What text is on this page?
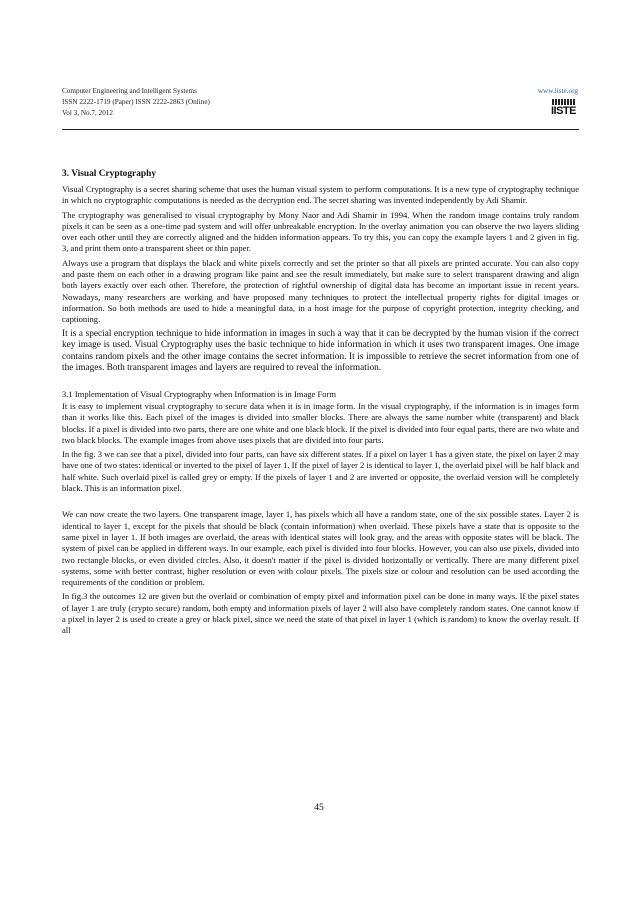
Computer Engineering and Intelligent Systems
ISSN 2222-1719 (Paper) ISSN 2222-2863 (Online)
Vol 3, No.7, 2012
www.iiste.org
IISTE
3. Visual Cryptography

Visual Cryptography is a secret sharing scheme that uses the human visual system to perform computations. It is a new type of cryptography technique in which no cryptographic computations is needed as the decryption end. The secret sharing was invented independently by Adi Shamir.

The cryptography was generalised to visual cryptography by Mony Naor and Adi Shamir in 1994. When the random image contains truly random pixels it can be seen as a one-time pad system and will offer unbreakable encryption. In the overlay animation you can observe the two layers sliding over each other until they are correctly aligned and the hidden information appears. To try this, you can copy the example layers 1 and 2 given in fig. 3, and print them onto a transparent sheet or thin paper.

Always use a program that displays the black and white pixels correctly and set the printer so that all pixels are printed accurate. You can also copy and paste them on each other in a drawing program like paint and see the result immediately, but make sure to select transparent drawing and align both layers exactly over each other. Therefore, the protection of rightful ownership of digital data has become an important issue in recent years. Nowadays, many researchers are working and have proposed many techniques to protect the intellectual property rights for digital images or information. So both methods are used to hide a meaningful data, in a host image for the purpose of copyright protection, integrity checking, and captioning.

It is a special encryption technique to hide information in images in such a way that it can be decrypted by the human vision if the correct key image is used. Visual Cryptography uses the basic technique to hide information in which it uses two transparent images. One image contains random pixels and the other image contains the secret information. It is impossible to retrieve the secret information from one of the images. Both transparent images and layers are required to reveal the information.

3.1 Implementation of Visual Cryptography when Information is in Image Form

It is easy to implement visual cryptography to secure data when it is in image form. In the visual cryptography, if the information is in images form than it works like this. Each pixel of the images is divided into smaller blocks. There are always the same number white (transparent) and black blocks. If a pixel is divided into two parts, there are one white and one black block. If the pixel is divided into four equal parts, there are two white and two black blocks. The example images from above uses pixels that are divided into four parts.

In the fig. 3 we can see that a pixel, divided into four parts, can have six different states. If a pixel on layer 1 has a given state, the pixel on layer 2 may have one of two states: identical or inverted to the pixel of layer 1. If the pixel of layer 2 is identical to layer 1, the overlaid pixel will be half black and half white. Such overlaid pixel is called grey or empty. If the pixels of layer 1 and 2 are inverted or opposite, the overlaid version will be completely black. This is an information pixel.

We can now create the two layers. One transparent image, layer 1, has pixels which all have a random state, one of the six possible states. Layer 2 is identical to layer 1, except for the pixels that should be black (contain information) when overlaid. These pixels have a state that is opposite to the same pixel in layer 1. If both images are overlaid, the areas with identical states will look gray, and the areas with opposite states will be black. The system of pixel can be applied in different ways. In our example, each pixel is divided into four blocks. However, you can also use pixels, divided into two rectangle blocks, or even divided circles. Also, it doesn't matter if the pixel is divided horizontally or vertically. There are many different pixel systems, some with better contrast, higher resolution or even with colour pixels. The pixels size or colour and resolution can be used according the requirements of the condition or problem.

In fig.3 the outcomes 12 are given but the overlaid or combination of empty pixel and information pixel can be done in many ways. If the pixel states of layer 1 are truly (crypto secure) random, both empty and information pixels of layer 2 will also have completely random states. One cannot know if a pixel in layer 2 is used to create a grey or black pixel, since we need the state of that pixel in layer 1 (which is random) to know the overlay result. If all

45
